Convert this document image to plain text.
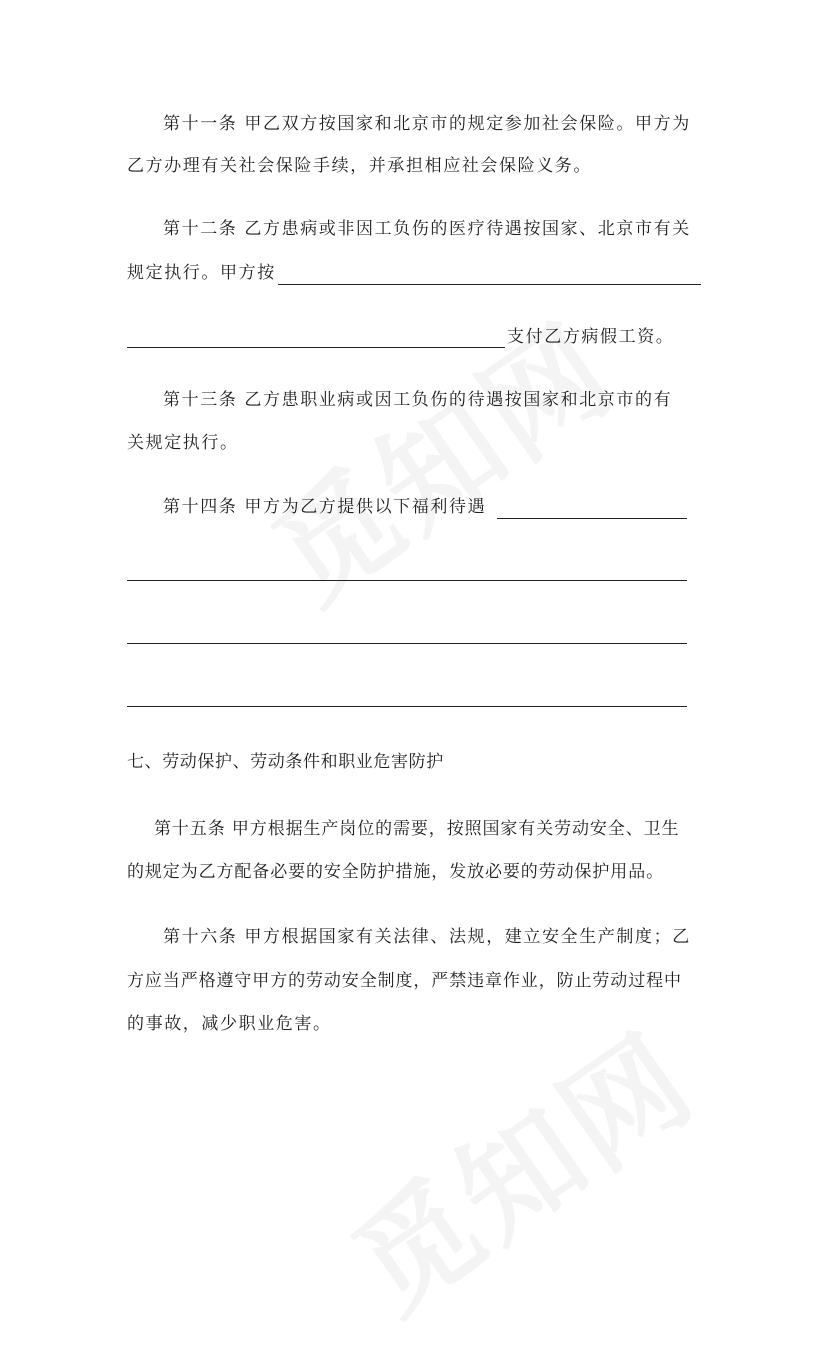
第十一条 甲乙双方按国家和北京市的规定参加社会保险。甲方为
乙方办理有关社会保险手续，并承担相应社会保险义务。
第十二条 乙方患病或非因工负伤的医疗待遇按国家、北京市有关
规定执行。甲方按
支付乙方病假工资。
第十三条 乙方患职业病或因工负伤的待遇按国家和北京市的有
关规定执行。
第十四条 甲方为乙方提供以下福利待遇
七、劳动保护、劳动条件和职业危害防护
第十五条 甲方根据生产岗位的需要，按照国家有关劳动安全、卫生
的规定为乙方配备必要的安全防护措施，发放必要的劳动保护用品。
第十六条 甲方根据国家有关法律、法规，建立安全生产制度；乙
方应当严格遵守甲方的劳动安全制度，严禁违章作业，防止劳动过程中
的事故，减少职业危害。
